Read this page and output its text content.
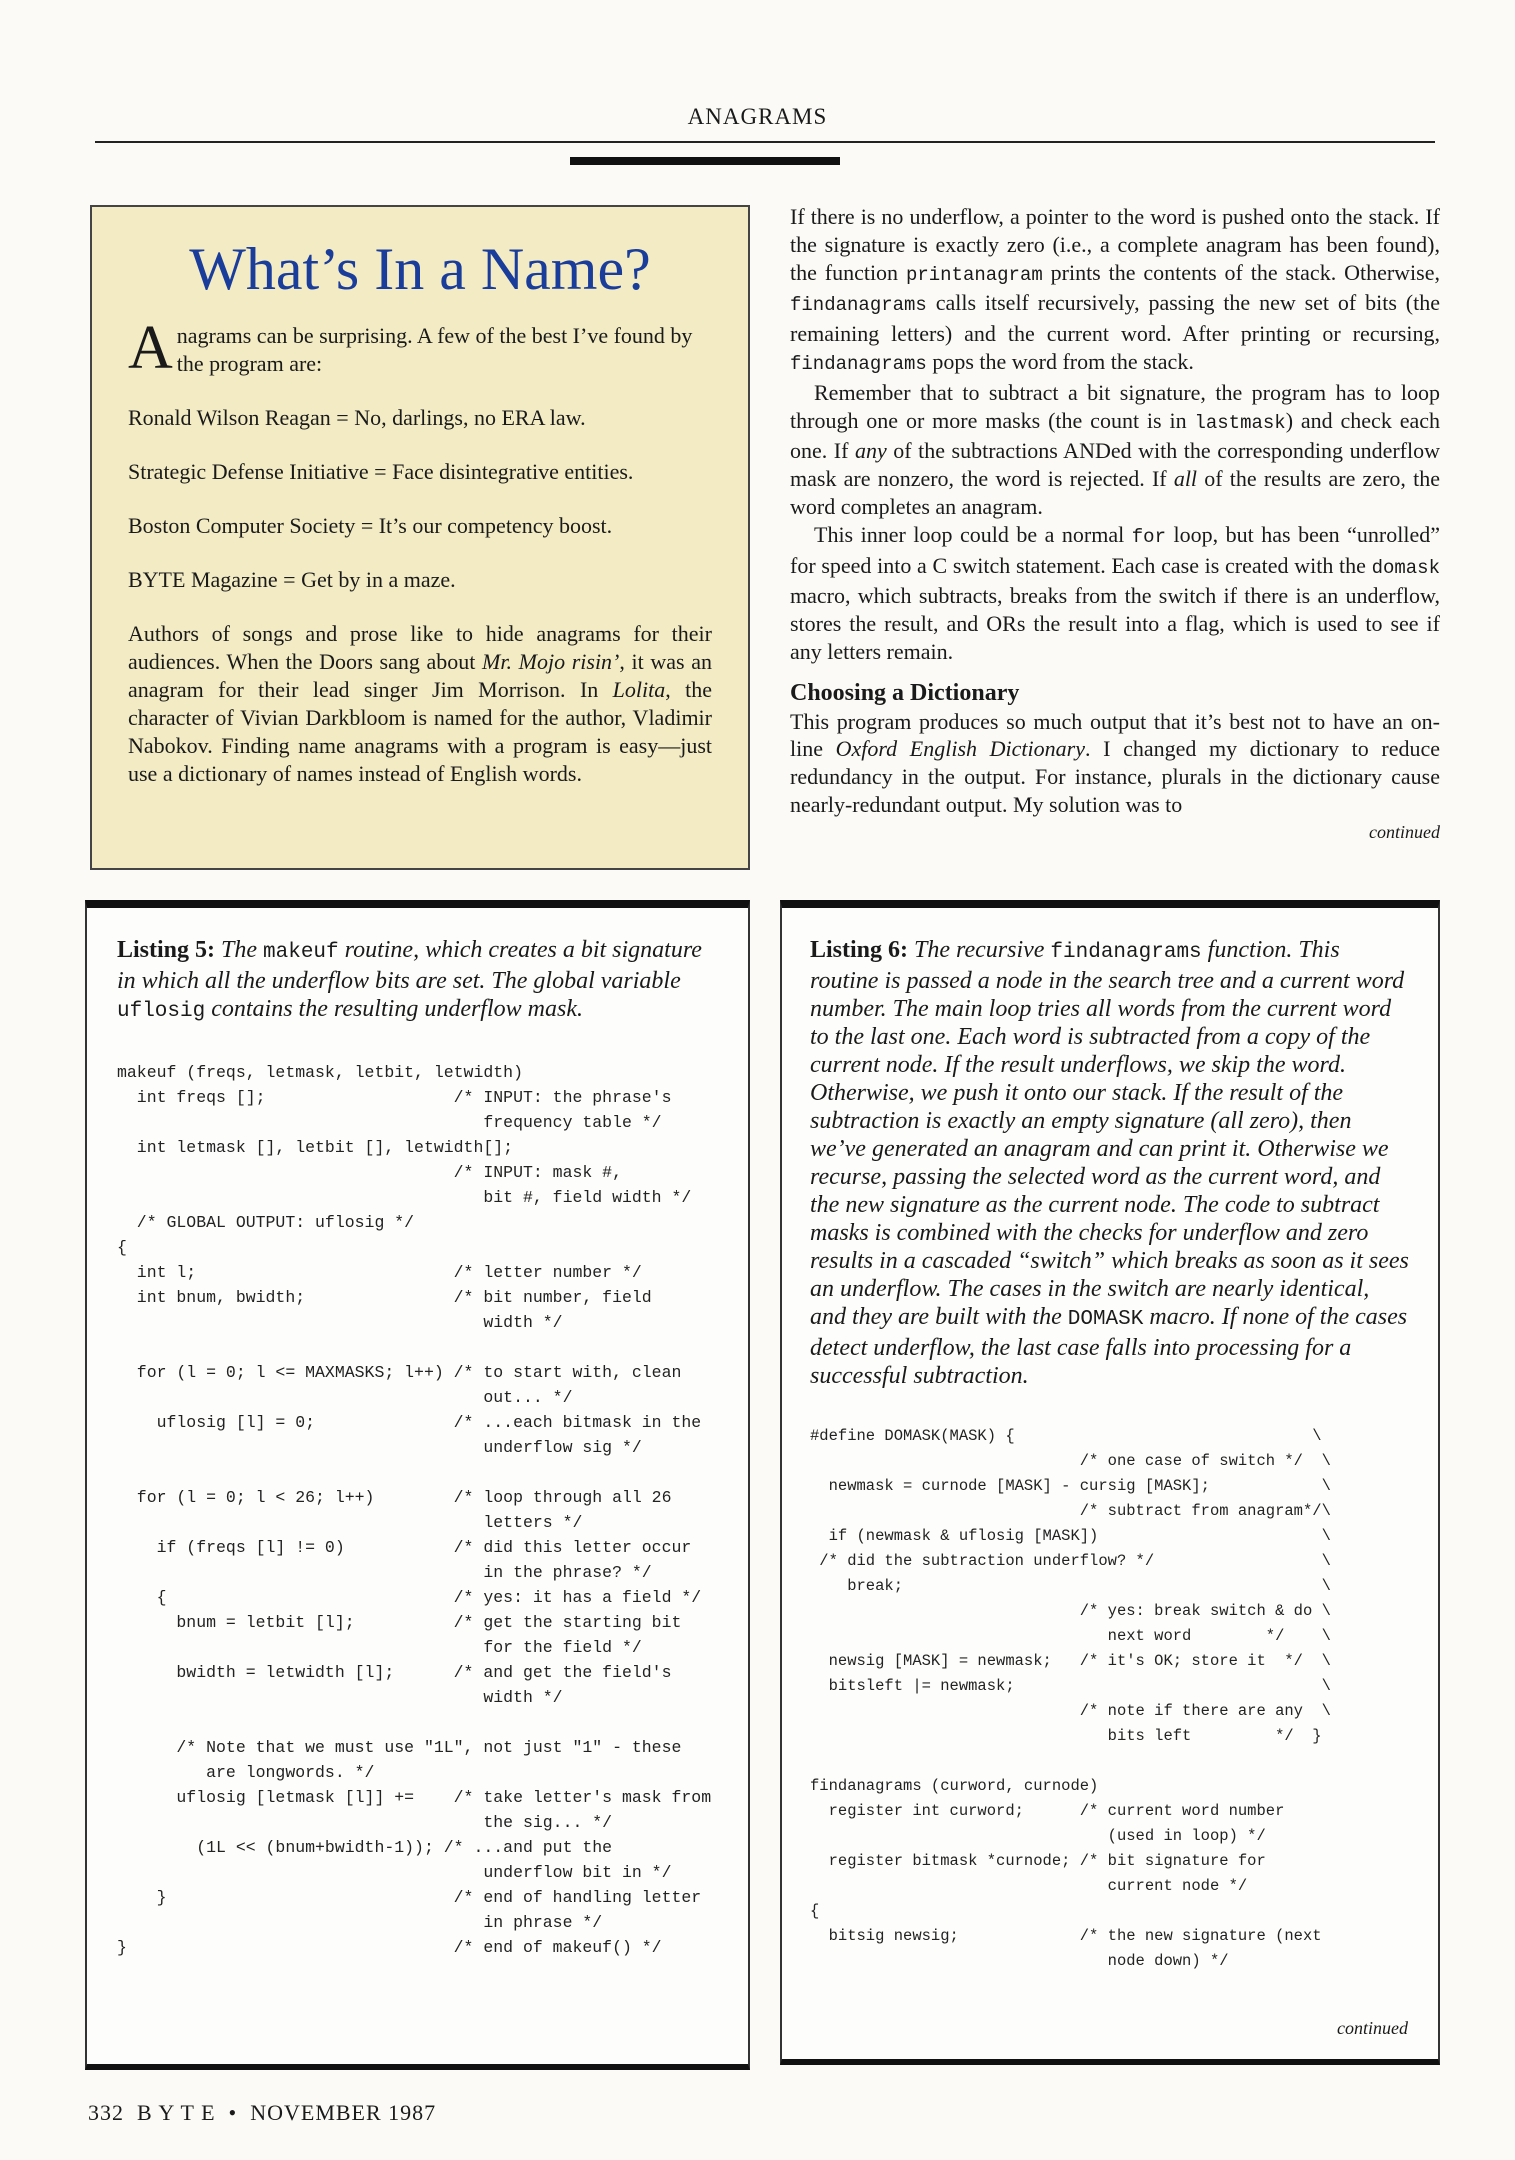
ANAGRAMS
What’s In a Name?

Anagrams can be surprising. A few of the best I’ve found by the program are:

Ronald Wilson Reagan = No, darlings, no ERA law.

Strategic Defense Initiative = Face disintegrative entities.

Boston Computer Society = It’s our competency boost.

BYTE Magazine = Get by in a maze.

Authors of songs and prose like to hide anagrams for their audiences. When the Doors sang about Mr. Mojo risin’, it was an anagram for their lead singer Jim Morrison. In Lolita, the character of Vivian Darkbloom is named for the author, Vladimir Nabokov. Finding name anagrams with a program is easy—just use a dictionary of names instead of English words.

If there is no underflow, a pointer to the word is pushed onto the stack. If the signature is exactly zero (i.e., a complete anagram has been found), the function printanagram prints the contents of the stack. Otherwise, findanagrams calls itself recursively, passing the new set of bits (the remaining letters) and the current word. After printing or recursing, findanagrams pops the word from the stack.

Remember that to subtract a bit signature, the program has to loop through one or more masks (the count is in lastmask) and check each one. If any of the subtractions ANDed with the corresponding underflow mask are nonzero, the word is rejected. If all of the results are zero, the word completes an anagram.

This inner loop could be a normal for loop, but has been “unrolled” for speed into a C switch statement. Each case is created with the domask macro, which subtracts, breaks from the switch if there is an underflow, stores the result, and ORs the result into a flag, which is used to see if any letters remain.

Choosing a Dictionary

This program produces so much output that it’s best not to have an on-line Oxford English Dictionary. I changed my dictionary to reduce redundancy in the output. For instance, plurals in the dictionary cause nearly-redundant output. My solution was to

continued
Listing 5: The makeuf routine, which creates a bit signature in which all the underflow bits are set. The global variable uflosig contains the resulting underflow mask.
makeuf (freqs, letmask, letbit, letwidth)
int freqs [];                   /* INPUT: the phrase's
frequency table */
int letmask [], letbit [], letwidth[];
/* INPUT: mask #,
bit #, field width */
/* GLOBAL OUTPUT: uflosig */
{
int l;                          /* letter number */
int bnum, bwidth;               /* bit number, field
width */

for (l = 0; l <= MAXMASKS; l++) /* to start with, clean
out... */
uflosig [l] = 0;              /* ...each bitmask in the
underflow sig */

for (l = 0; l < 26; l++)        /* loop through all 26
letters */
if (freqs [l] != 0)           /* did this letter occur
in the phrase? */
{                             /* yes: it has a field */
bnum = letbit [l];          /* get the starting bit
for the field */
bwidth = letwidth [l];      /* and get the field's
width */

/* Note that we must use "1L", not just "1" - these
are longwords. */
uflosig [letmask [l]] +=    /* take letter's mask from
the sig... */
(1L << (bnum+bwidth-1)); /* ...and put the
underflow bit in */
}                             /* end of handling letter
in phrase */
}                                 /* end of makeuf() */
Listing 6: The recursive findanagrams function. This routine is passed a node in the search tree and a current word number. The main loop tries all words from the current word to the last one. Each word is subtracted from a copy of the current node. If the result underflows, we skip the word. Otherwise, we push it onto our stack. If the result of the subtraction is exactly an empty signature (all zero), then we’ve generated an anagram and can print it. Otherwise we recurse, passing the selected word as the current word, and the new signature as the current node. The code to subtract masks is combined with the checks for underflow and zero results in a cascaded “switch” which breaks as soon as it sees an underflow. The cases in the switch are nearly identical, and they are built with the DOMASK macro. If none of the cases detect underflow, the last case falls into processing for a successful subtraction.
#define DOMASK(MASK) {                                \
/* one case of switch */  \
newmask = curnode [MASK] - cursig [MASK];            \
/* subtract from anagram*/\
if (newmask & uflosig [MASK])                        \
/* did the subtraction underflow? */                  \
break;                                             \
/* yes: break switch & do \
next word        */    \
newsig [MASK] = newmask;   /* it's OK; store it  */  \
bitsleft |= newmask;                                 \
/* note if there are any  \
bits left         */  }

findanagrams (curword, curnode)
register int curword;      /* current word number
(used in loop) */
register bitmask *curnode; /* bit signature for
current node */
{
bitsig newsig;             /* the new signature (next
node down) */
continued
332  B Y T E  •  NOVEMBER 1987
